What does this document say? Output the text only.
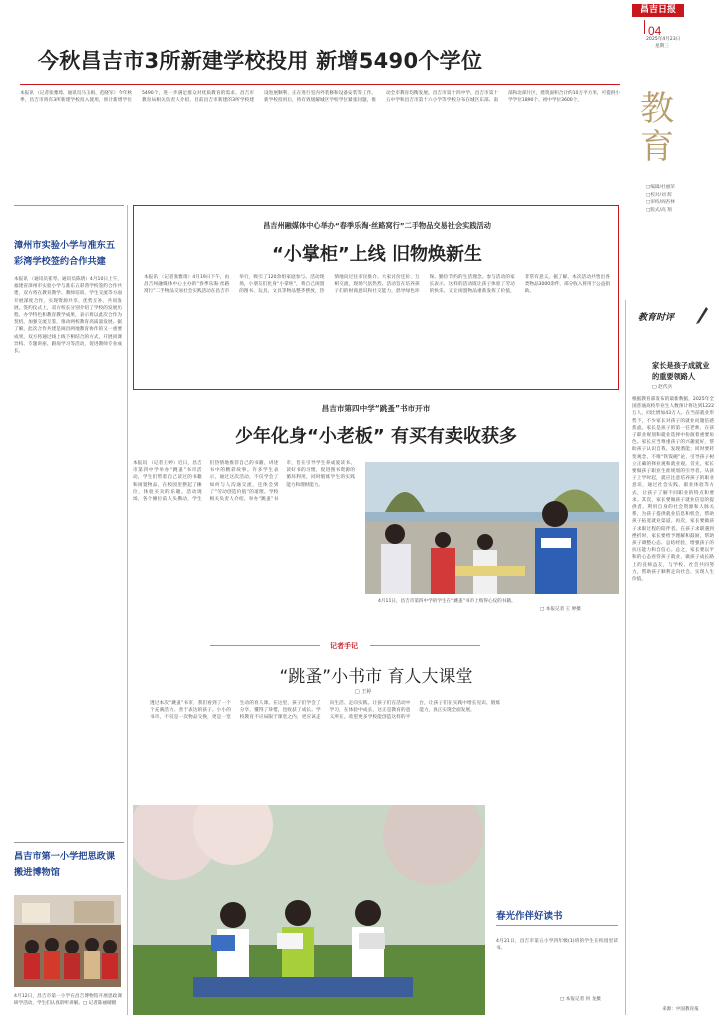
昌吉日报
04
2025年4月23日
星期三
今秋昌吉市3所新建学校投用 新增5490个学位
本报讯 （记者张雅琦、通讯员马玉娟、范晓军）今年秋季，昌吉市将有3所新建学校投入使用，预计新增学位5490个，进一步满足群众对优质教育的需求。昌吉市教育局相关负责人介绍，目前昌吉市新建的3所学校建设进展顺利，正在进行室内外装修和设备安装等工作。新学校投用后，将有效缓解城区学校学位紧张问题，推动全市教育均衡发展。昌吉市第十四中学、昌吉市第十五中学和昌吉市第十六小学等学校分布在城区东部、南部和北部片区，建筑面积合计约10万平方米，可提供小学学位1890个、初中学位3600个。	教育
□编辑/杜丽荣
□校对/刘 辉
□审校/阎杏林
□版式/高 翔
漳州市实验小学与准东五彩湾学校签约合作共建
本报讯 （通讯员崔琴、通讯员陈倩）4月10日上午，福建省漳州市实验小学与准东五彩湾学校签约合作共建，双方将在教育教学、教师培训、学生交流等方面开展深度合作，实现资源共享、优势互补、共同发展。签约仪式上，双方校长分别介绍了学校的发展历程、办学特色和教育教学成果，表示将以此次合作为契机，加强交流互鉴，推动两校教育高质量发展。据了解，此次合作共建是闽昌两地教育协作的又一重要成果，双方将通过线上线下相结合的方式，开展同课异构、专题讲座、跟岗学习等活动，促进教师专业成长。
昌吉市第一小学把思政课搬进博物馆
4月12日，昌吉市第一小学在昌吉博物馆开展思政课研学活动，学生们认真聆听讲解。□ 记者陈丽晴摄
昌吉州融媒体中心举办“春季乐淘·丝路窝行”二手物品交易社会实践活动
“小掌柜”上线 旧物焕新生
本报讯 （记者张雅琦）4月19日下午，由昌吉州融媒体中心主办的“春季乐淘·丝路窝行”二手物品交易社会实践活动在昌吉市举行，吸引了120余组家庭参与。活动现场，小朋友们化身“小掌柜”，将自己闲置的图书、玩具、文具等物品整齐摆放，热情地向过往市民推介。大家讨价还价、互相交流，现场气氛热烈。活动旨在培养孩子们的财商意识和社交能力，倡导绿色环保、勤俭节约的生活理念。参与活动的家长表示，这样的活动既让孩子体验了劳动的快乐，又让闲置物品重新发挥了价值，非常有意义。据了解，本次活动共售出各类物品3000余件，部分收入将用于公益捐助。
昌吉市第四中学“跳蚤”书市开市
少年化身“小老板” 有买有卖收获多
本报讯 （记者王婷）近日，昌吉市第四中学举办“跳蚤”书市活动，学生们带着自己读过的书籍和闲置物品，在校园里摆起了摊位，体验买卖的乐趣。活动现场，各个摊位前人头攒动，学生们热情地推荐自己的书籍，讲述书中的精彩故事。许多学生表示，通过这次活动，不仅学会了如何与人沟通交流，还体会到了“劳动创造价值”的道理。学校相关负责人介绍，举办“跳蚤”书市，旨在引导学生养成爱读书、读好书的习惯，促进图书资源的循环利用，同时锻炼学生的实践能力和理财能力。
4月11日，昌吉市第四中学的学生在“跳蚤”书市上购得心仪的书籍。
□ 本报记者 王 婷摄
记者手记
“跳蚤”小书市 育人大课堂
□ 王婷
透过本次“跳蚤”书市，我们看到了一个个充满活力、善于表达的孩子。小小的书市，不仅是一次物品交换，更是一堂生动的育人课。在这里，孩子们学会了分享，懂得了珍惜，也收获了成长。学校教育不应局限于课堂之内，更应该走向生活、走向实践。让孩子们在活动中学习，在体验中成长，这正是教育的意义所在。希望更多学校能创造这样的平台，让孩子们在实践中增长见识、锻炼能力，真正实现全面发展。
春光作伴好读书
4月21日，昌吉市第五小学四年级(1)班的学生在校园里读书。
□ 本报记者 何 龙摄
教育时评
家长是孩子成就业的重要领路人
□ 赵代兵
根据教育部发布的最新数据，2025年全国普通高校毕业生人数预计将达到1222万人，同比增加43万人。在当前就业形势下，不少家长对孩子的就业问题倍感焦虑。家长是孩子的第一任老师，在孩子职业规划和就业选择中扮演着重要角色。家长应当尊重孩子的兴趣爱好，帮助孩子认识自我、发现潜能；同时要转变观念，不唯“铁饭碗”论，引导孩子树立正确的择业观和就业观。首先，家长要做孩子职业生涯规划的引导者。从孩子上学时起，就应注意培养孩子的职业意识，通过社会实践、职业体验等方式，让孩子了解不同职业的特点和要求。其次，家长要做孩子就业信息的提供者。利用自身的社会资源和人脉关系，为孩子提供就业信息和机会，帮助孩子拓宽就业渠道。再次，家长要做孩子求职过程的陪伴者。在孩子求职遇到挫折时，家长要给予理解和鼓励，帮助孩子调整心态、总结经验，增强孩子的抗压能力和自信心。总之，家长要以平和的心态看待孩子就业，做孩子成长路上的良师益友，与学校、社会共同努力，帮助孩子顺利走向社会、实现人生价值。
来源：中国教育报
